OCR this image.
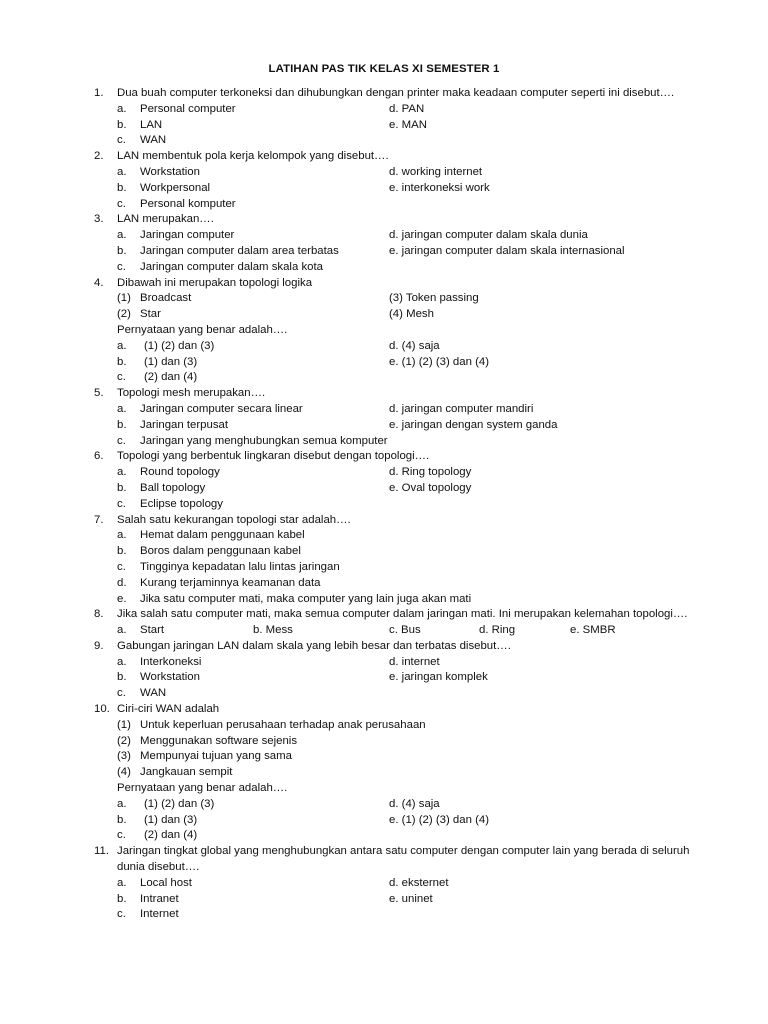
LATIHAN PAS TIK KELAS XI SEMESTER 1
1. Dua buah computer terkoneksi dan dihubungkan dengan printer maka keadaan computer seperti ini disebut….
a. Personal computer	d. PAN
b. LAN	e. MAN
c. WAN
2. LAN membentuk pola kerja kelompok yang disebut….
a. Workstation	d. working internet
b. Workpersonal	e. interkoneksi work
c. Personal komputer
3. LAN merupakan….
a. Jaringan computer	d. jaringan computer dalam skala dunia
b. Jaringan computer dalam area terbatas	e. jaringan computer dalam skala internasional
c. Jaringan computer dalam skala kota
4. Dibawah ini merupakan topologi logika
(1) Broadcast	(3) Token passing
(2) Star	(4) Mesh
Pernyataan yang benar adalah….
a. (1) (2) dan (3)	d. (4) saja
b. (1) dan (3)	e. (1) (2) (3) dan (4)
c. (2) dan (4)
5. Topologi mesh merupakan….
a. Jaringan computer secara linear	d. jaringan computer mandiri
b. Jaringan terpusat	e. jaringan dengan system ganda
c. Jaringan yang menghubungkan semua komputer
6. Topologi yang berbentuk lingkaran disebut dengan topologi….
a. Round topology	d. Ring topology
b. Ball topology	e. Oval topology
c. Eclipse topology
7. Salah satu kekurangan topologi star adalah….
a. Hemat dalam penggunaan kabel
b. Boros dalam penggunaan kabel
c. Tingginya kepadatan lalu lintas jaringan
d. Kurang terjaminnya keamanan data
e. Jika satu computer mati, maka computer yang lain juga akan mati
8. Jika salah satu computer mati, maka semua computer dalam jaringan mati. Ini merupakan kelemahan topologi….
a. Start	b. Mess	c. Bus	d. Ring	e. SMBR
9. Gabungan jaringan LAN dalam skala yang lebih besar dan terbatas disebut….
a. Interkoneksi	d. internet
b. Workstation	e. jaringan komplek
c. WAN
10. Ciri-ciri WAN adalah
(1) Untuk keperluan perusahaan terhadap anak perusahaan
(2) Menggunakan software sejenis
(3) Mempunyai tujuan yang sama
(4) Jangkauan sempit
Pernyataan yang benar adalah….
a. (1) (2) dan (3)	d. (4) saja
b. (1) dan (3)	e. (1) (2) (3) dan (4)
c. (2) dan (4)
11. Jaringan tingkat global yang menghubungkan antara satu computer dengan computer lain yang berada di seluruh dunia disebut….
a. Local host	d. eksternet
b. Intranet	e. uninet
c. Internet
